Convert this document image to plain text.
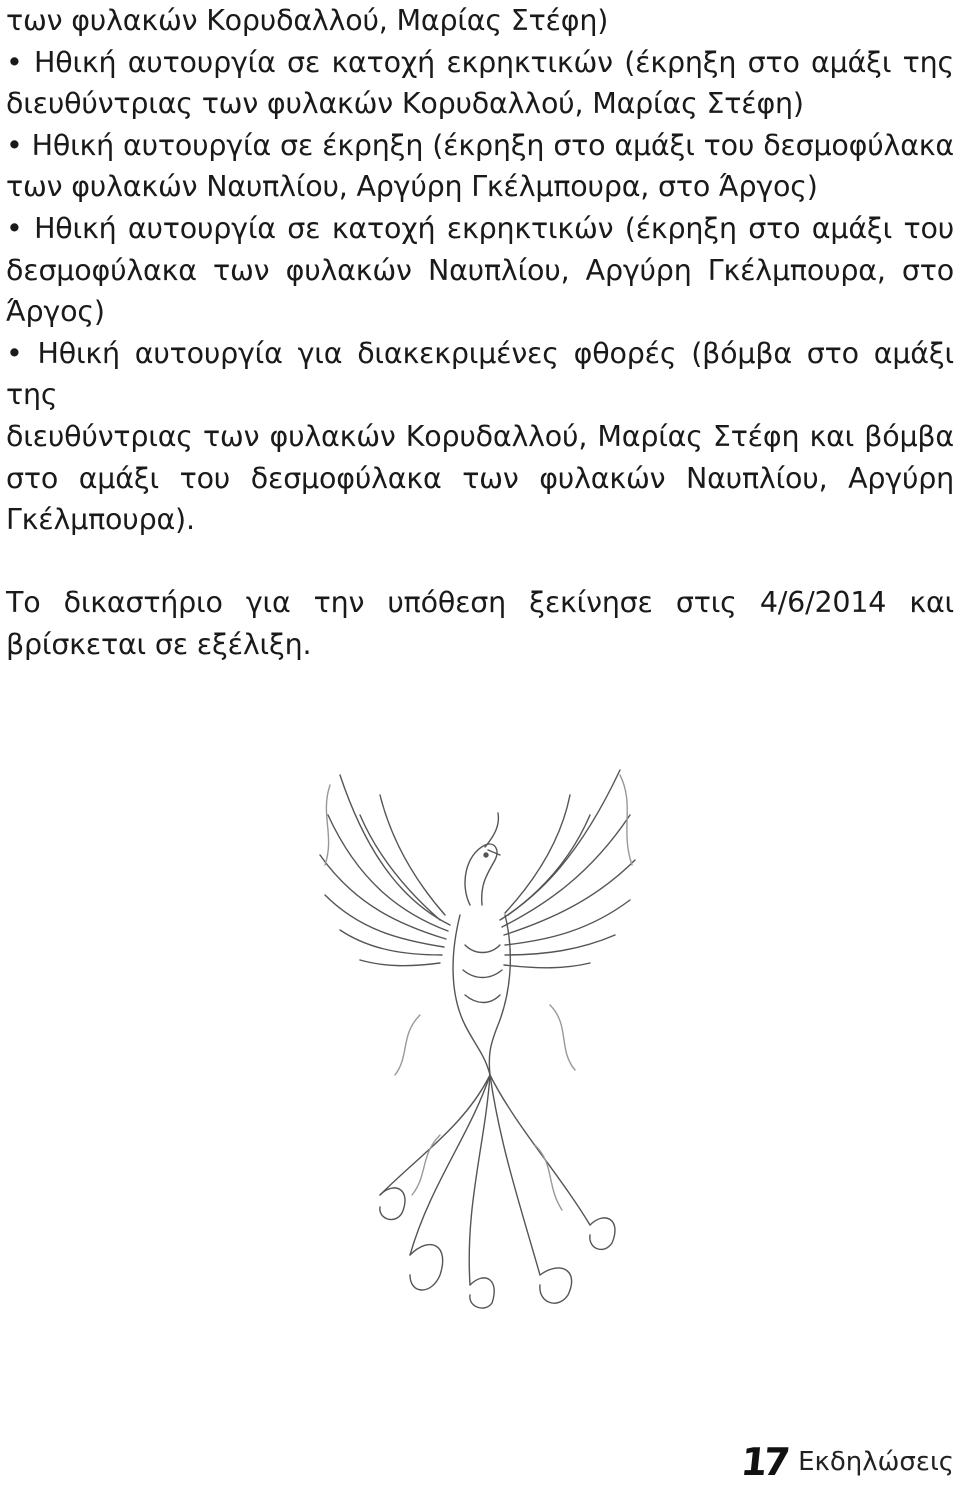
των φυλακών Κορυδαλλού, Μαρίας Στέφη)
• Ηθική αυτουργία σε κατοχή εκρηκτικών (έκρηξη στο αμάξι της
διευθύντριας των φυλακών Κορυδαλλού, Μαρίας Στέφη)
• Ηθική αυτουργία σε έκρηξη (έκρηξη στο αμάξι του δεσμοφύλακα
των φυλακών Ναυπλίου, Αργύρη Γκέλμπουρα, στο Άργος)
• Ηθική αυτουργία σε κατοχή εκρηκτικών (έκρηξη στο αμάξι του
δεσμοφύλακα των φυλακών Ναυπλίου, Αργύρη Γκέλμπουρα, στο
Άργος)
• Ηθική αυτουργία για διακεκριμένες φθορές (βόμβα στο αμάξι της
διευθύντριας των φυλακών Κορυδαλλού, Μαρίας Στέφη και βόμβα
στο αμάξι του δεσμοφύλακα των φυλακών Ναυπλίου, Αργύρη
Γκέλμπουρα).
Το δικαστήριο για την υπόθεση ξεκίνησε στις 4/6/2014 και
βρίσκεται σε εξέλιξη.
17 Εκδηλώσεις
